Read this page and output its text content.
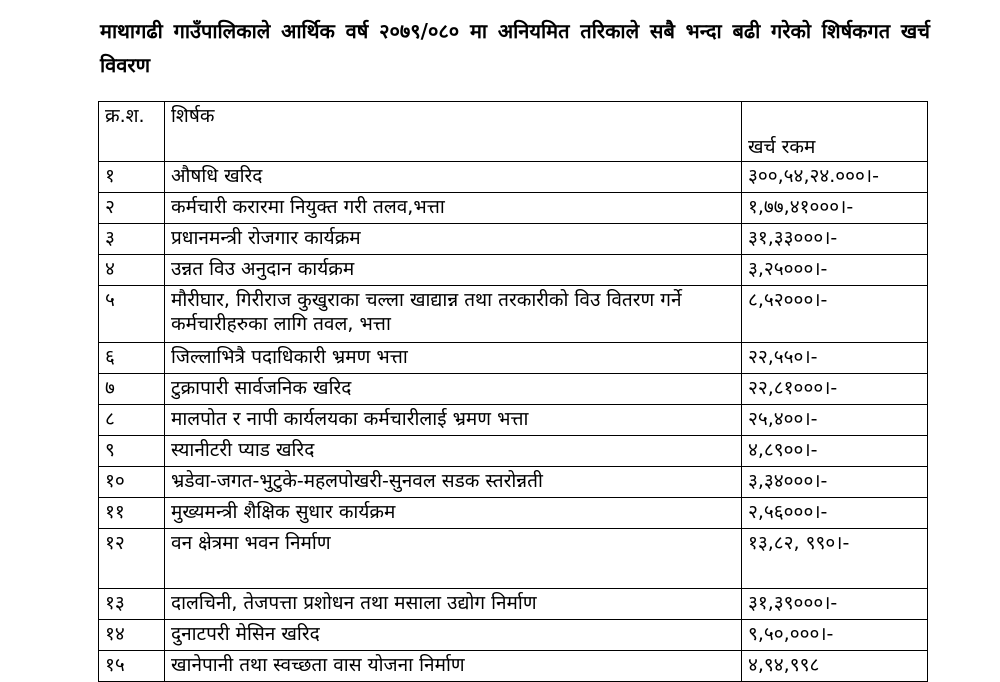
माथागढी गाउँपालिकाले आर्थिक वर्ष २०७९/०८० मा अनियमित तरिकाले सबै भन्दा बढी गरेको शिर्षकगत खर्च विवरण
क्र.श.	शिर्षक	खर्च रकम
१	औषधि खरिद	३००,५४,२४.०००।-
२	कर्मचारी करारमा नियुक्त गरी तलव,भत्ता	१,७७,४१०००।-
३	प्रधानमन्त्री रोजगार कार्यक्रम	३१,३३०००।-
४	उन्नत विउ अनुदान कार्यक्रम	३,२५०००।-
५	मौरीघार, गिरीराज कुखुराका चल्ला खाद्यान्न तथा तरकारीको विउ वितरण गर्ने कर्मचारीहरुका लागि तवल, भत्ता	८,५२०००।-
६	जिल्लाभित्रै पदाधिकारी भ्रमण भत्ता	२२,५५०।-
७	टुक्रापारी सार्वजनिक खरिद	२२,८१०००।-
८	मालपोत र नापी कार्यलयका कर्मचारीलाई भ्रमण भत्ता	२५,४००।-
९	स्यानीटरी प्याड खरिद	४,८९००।-
१०	भ्रडेवा-जगत-भुटुके-महलपोखरी-सुनवल सडक स्तरोन्नती	३,३४०००।-
११	मुख्यमन्त्री शैक्षिक सुधार कार्यक्रम	२,५६०००।-
१२	वन क्षेत्रमा भवन निर्माण	१३,८२, ९९०।-
१३	दालचिनी, तेजपत्ता प्रशोधन तथा मसाला उद्योग निर्माण	३१,३९०००।-
१४	दुनाटपरी मेसिन खरिद	९,५०,०००।-
१५	खानेपानी तथा स्वच्छता वास योजना निर्माण	४,९४,९९८
